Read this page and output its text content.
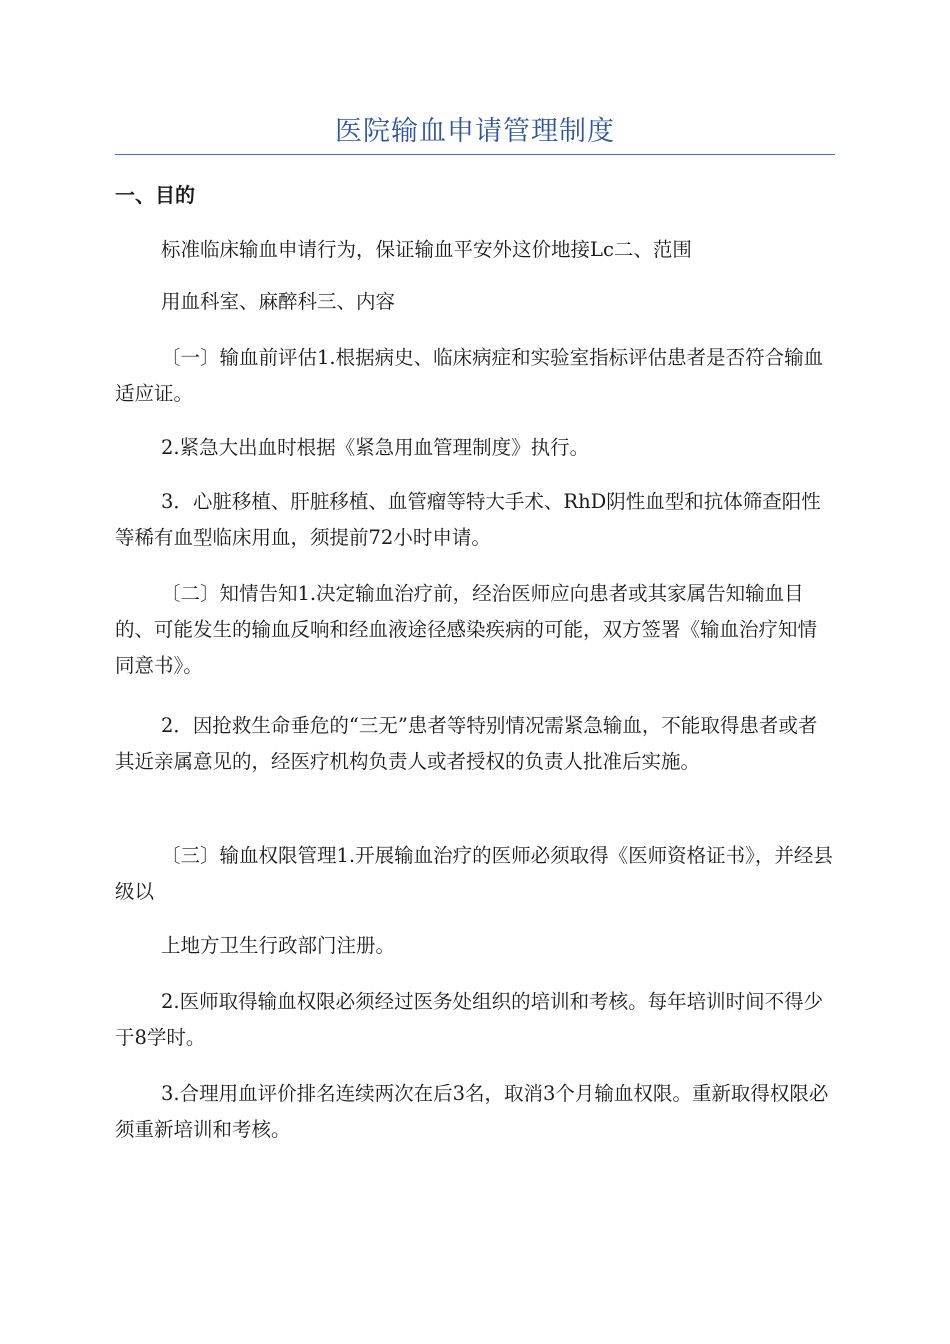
医院输血申请管理制度
一、目的

标准临床输血申请行为，保证输血平安外这价地接Lc二、范围

用血科室、麻醉科三、内容

〔一〕输血前评估1.根据病史、临床病症和实验室指标评估患者是否符合输血适应证。

2.紧急大出血时根据《紧急用血管理制度》执行。

3．心脏移植、肝脏移植、血管瘤等特大手术、RhD阴性血型和抗体筛查阳性等稀有血型临床用血，须提前72小时申请。

〔二〕知情告知1.决定输血治疗前，经治医师应向患者或其家属告知输血目的、可能发生的输血反响和经血液途径感染疾病的可能，双方签署《输血治疗知情同意书》。

2．因抢救生命垂危的“三无”患者等特别情况需紧急输血，不能取得患者或者其近亲属意见的，经医疗机构负责人或者授权的负责人批准后实施。

〔三〕输血权限管理1.开展输血治疗的医师必须取得《医师资格证书》，并经县级以

上地方卫生行政部门注册。

2.医师取得输血权限必须经过医务处组织的培训和考核。每年培训时间不得少于8学时。

3.合理用血评价排名连续两次在后3名，取消3个月输血权限。重新取得权限必须重新培训和考核。
